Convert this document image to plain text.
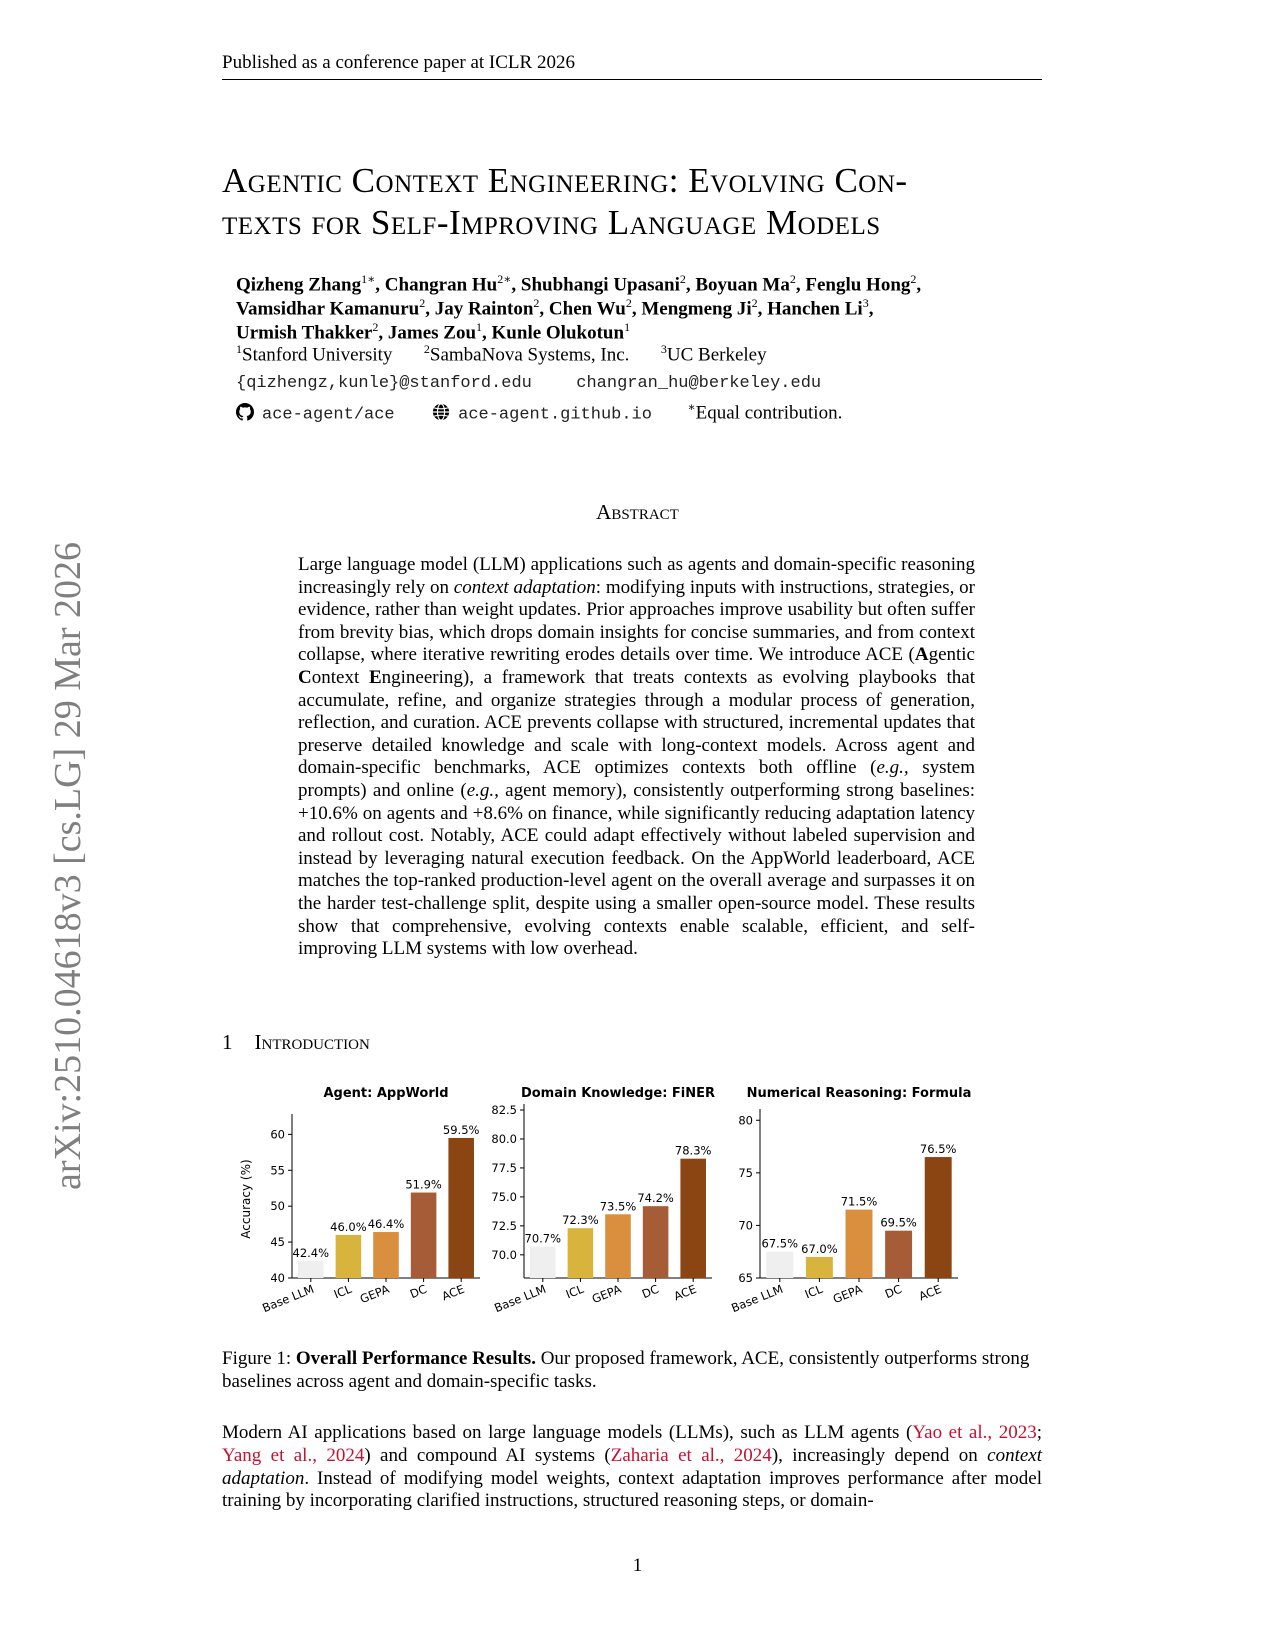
Published as a conference paper at ICLR 2026
arXiv:2510.04618v3 [cs.LG] 29 Mar 2026
Agentic Context Engineering: Evolving Con-
texts for Self-Improving Language Models
Qizheng Zhang$^{1∗}$, Changran $Hu^{2∗}$, Shubhangi Upasani$^2$, Boyuan Ma$^2$, Fenglu Hong$^2$,
Vamsidhar Kamanuru$^2$, Jay Rainton$^2$, Chen Wu$^2$, Mengmeng Ji$^2$, Hanchen Li$^3$,
Urmish Thakker$^2$, James Zou$^1$, Kunle Olukotun$^1$
$^1$Stanford University	$^2$SambaNova Systems, Inc.	$^3$UC Berkeley
{qizhengz,kunle}@stanford.edu	changran_hu@berkeley.edu
ace-agent/ace	ace-agent.github.io	∗Equal contribution.
Abstract
Large language model (LLM) applications such as agents and domain-specific reasoning increasingly rely on context adaptation: modifying inputs with instructions, strategies, or evidence, rather than weight updates. Prior approaches improve usability but often suffer from brevity bias, which drops domain insights for concise summaries, and from context collapse, where iterative rewriting erodes details over time. We introduce ACE (Agentic Context Engineering), a framework that treats contexts as evolving playbooks that accumulate, refine, and organize strategies through a modular process of generation, reflection, and curation. ACE prevents collapse with structured, incremental updates that preserve detailed knowledge and scale with long-context models. Across agent and domain-specific benchmarks, ACE optimizes contexts both offline (e.g., system prompts) and online (e.g., agent memory), consistently outperforming strong baselines: +10.6% on agents and +8.6% on finance, while significantly reducing adaptation latency and rollout cost. Notably, ACE could adapt effectively without labeled supervision and instead by leveraging natural execution feedback. On the AppWorld leaderboard, ACE matches the top-ranked production-level agent on the overall average and surpasses it on the harder test-challenge split, despite using a smaller open-source model. These results show that comprehensive, evolving contexts enable scalable, efficient, and self-improving LLM systems with low overhead.
1 Introduction
Agent: AppWorld
40
45
50
55
60
Accuracy (%)
42.4%
Base LLM
46.0%
ICL
46.4%
GEPA
51.9%
DC
59.5%
ACE
Domain Knowledge: FiNER
70.0
72.5
75.0
77.5
80.0
82.5
70.7%
Base LLM
72.3%
ICL
73.5%
GEPA
74.2%
DC
78.3%
ACE
Numerical Reasoning: Formula
65
70
75
80
67.5%
Base LLM
67.0%
ICL
71.5%
GEPA
69.5%
DC
76.5%
ACE
Figure 1: Overall Performance Results. Our proposed framework, ACE, consistently outperforms strong baselines across agent and domain-specific tasks.
Modern AI applications based on large language models (LLMs), such as LLM agents (Yao et al., 2023; Yang et al., 2024) and compound AI systems (Zaharia et al., 2024), increasingly depend on context adaptation. Instead of modifying model weights, context adaptation improves performance after model training by incorporating clarified instructions, structured reasoning steps, or domain-
1
